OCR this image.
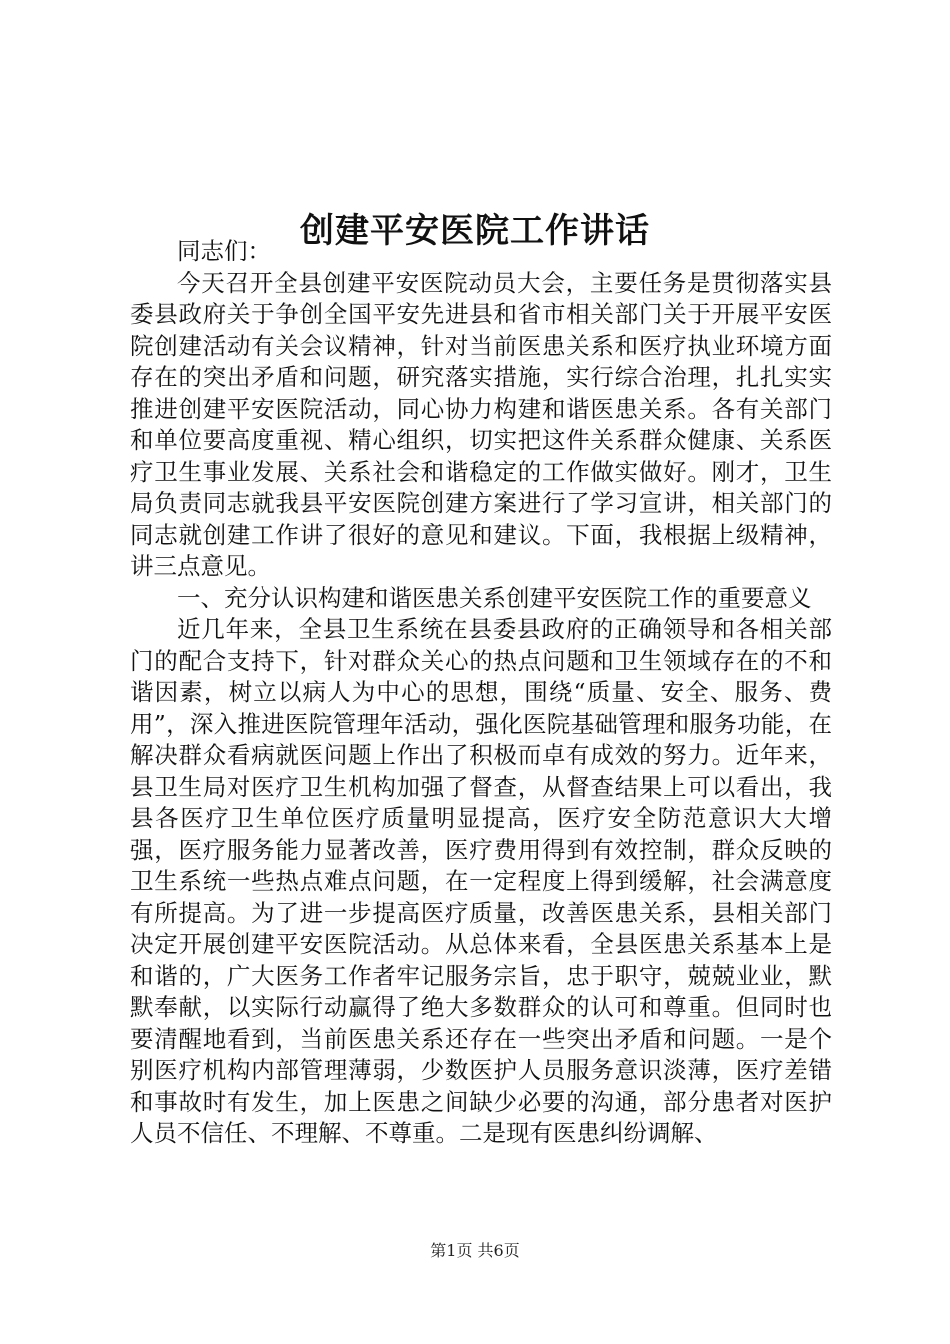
创建平安医院工作讲话

同志们：

今天召开全县创建平安医院动员大会，主要任务是贯彻落实县委县政府关于争创全国平安先进县和省市相关部门关于开展平安医院创建活动有关会议精神，针对当前医患关系和医疗执业环境方面存在的突出矛盾和问题，研究落实措施，实行综合治理，扎扎实实推进创建平安医院活动，同心协力构建和谐医患关系。各有关部门和单位要高度重视、精心组织，切实把这件关系群众健康、关系医疗卫生事业发展、关系社会和谐稳定的工作做实做好。刚才，卫生局负责同志就我县平安医院创建方案进行了学习宣讲，相关部门的同志就创建工作讲了很好的意见和建议。下面，我根据上级精神，讲三点意见。

一、充分认识构建和谐医患关系创建平安医院工作的重要意义

近几年来，全县卫生系统在县委县政府的正确领导和各相关部门的配合支持下，针对群众关心的热点问题和卫生领域存在的不和谐因素，树立以病人为中心的思想，围绕“质量、安全、服务、费用”，深入推进医院管理年活动，强化医院基础管理和服务功能，在解决群众看病就医问题上作出了积极而卓有成效的努力。近年来，县卫生局对医疗卫生机构加强了督查，从督查结果上可以看出，我县各医疗卫生单位医疗质量明显提高，医疗安全防范意识大大增强，医疗服务能力显著改善，医疗费用得到有效控制，群众反映的卫生系统一些热点难点问题，在一定程度上得到缓解，社会满意度有所提高。为了进一步提高医疗质量，改善医患关系，县相关部门决定开展创建平安医院活动。从总体来看，全县医患关系基本上是和谐的，广大医务工作者牢记服务宗旨，忠于职守，兢兢业业，默默奉献，以实际行动赢得了绝大多数群众的认可和尊重。但同时也要清醒地看到，当前医患关系还存在一些突出矛盾和问题。一是个别医疗机构内部管理薄弱，少数医护人员服务意识淡薄，医疗差错和事故时有发生，加上医患之间缺少必要的沟通，部分患者对医护人员不信任、不理解、不尊重。二是现有医患纠纷调解、

第1页 共6页
